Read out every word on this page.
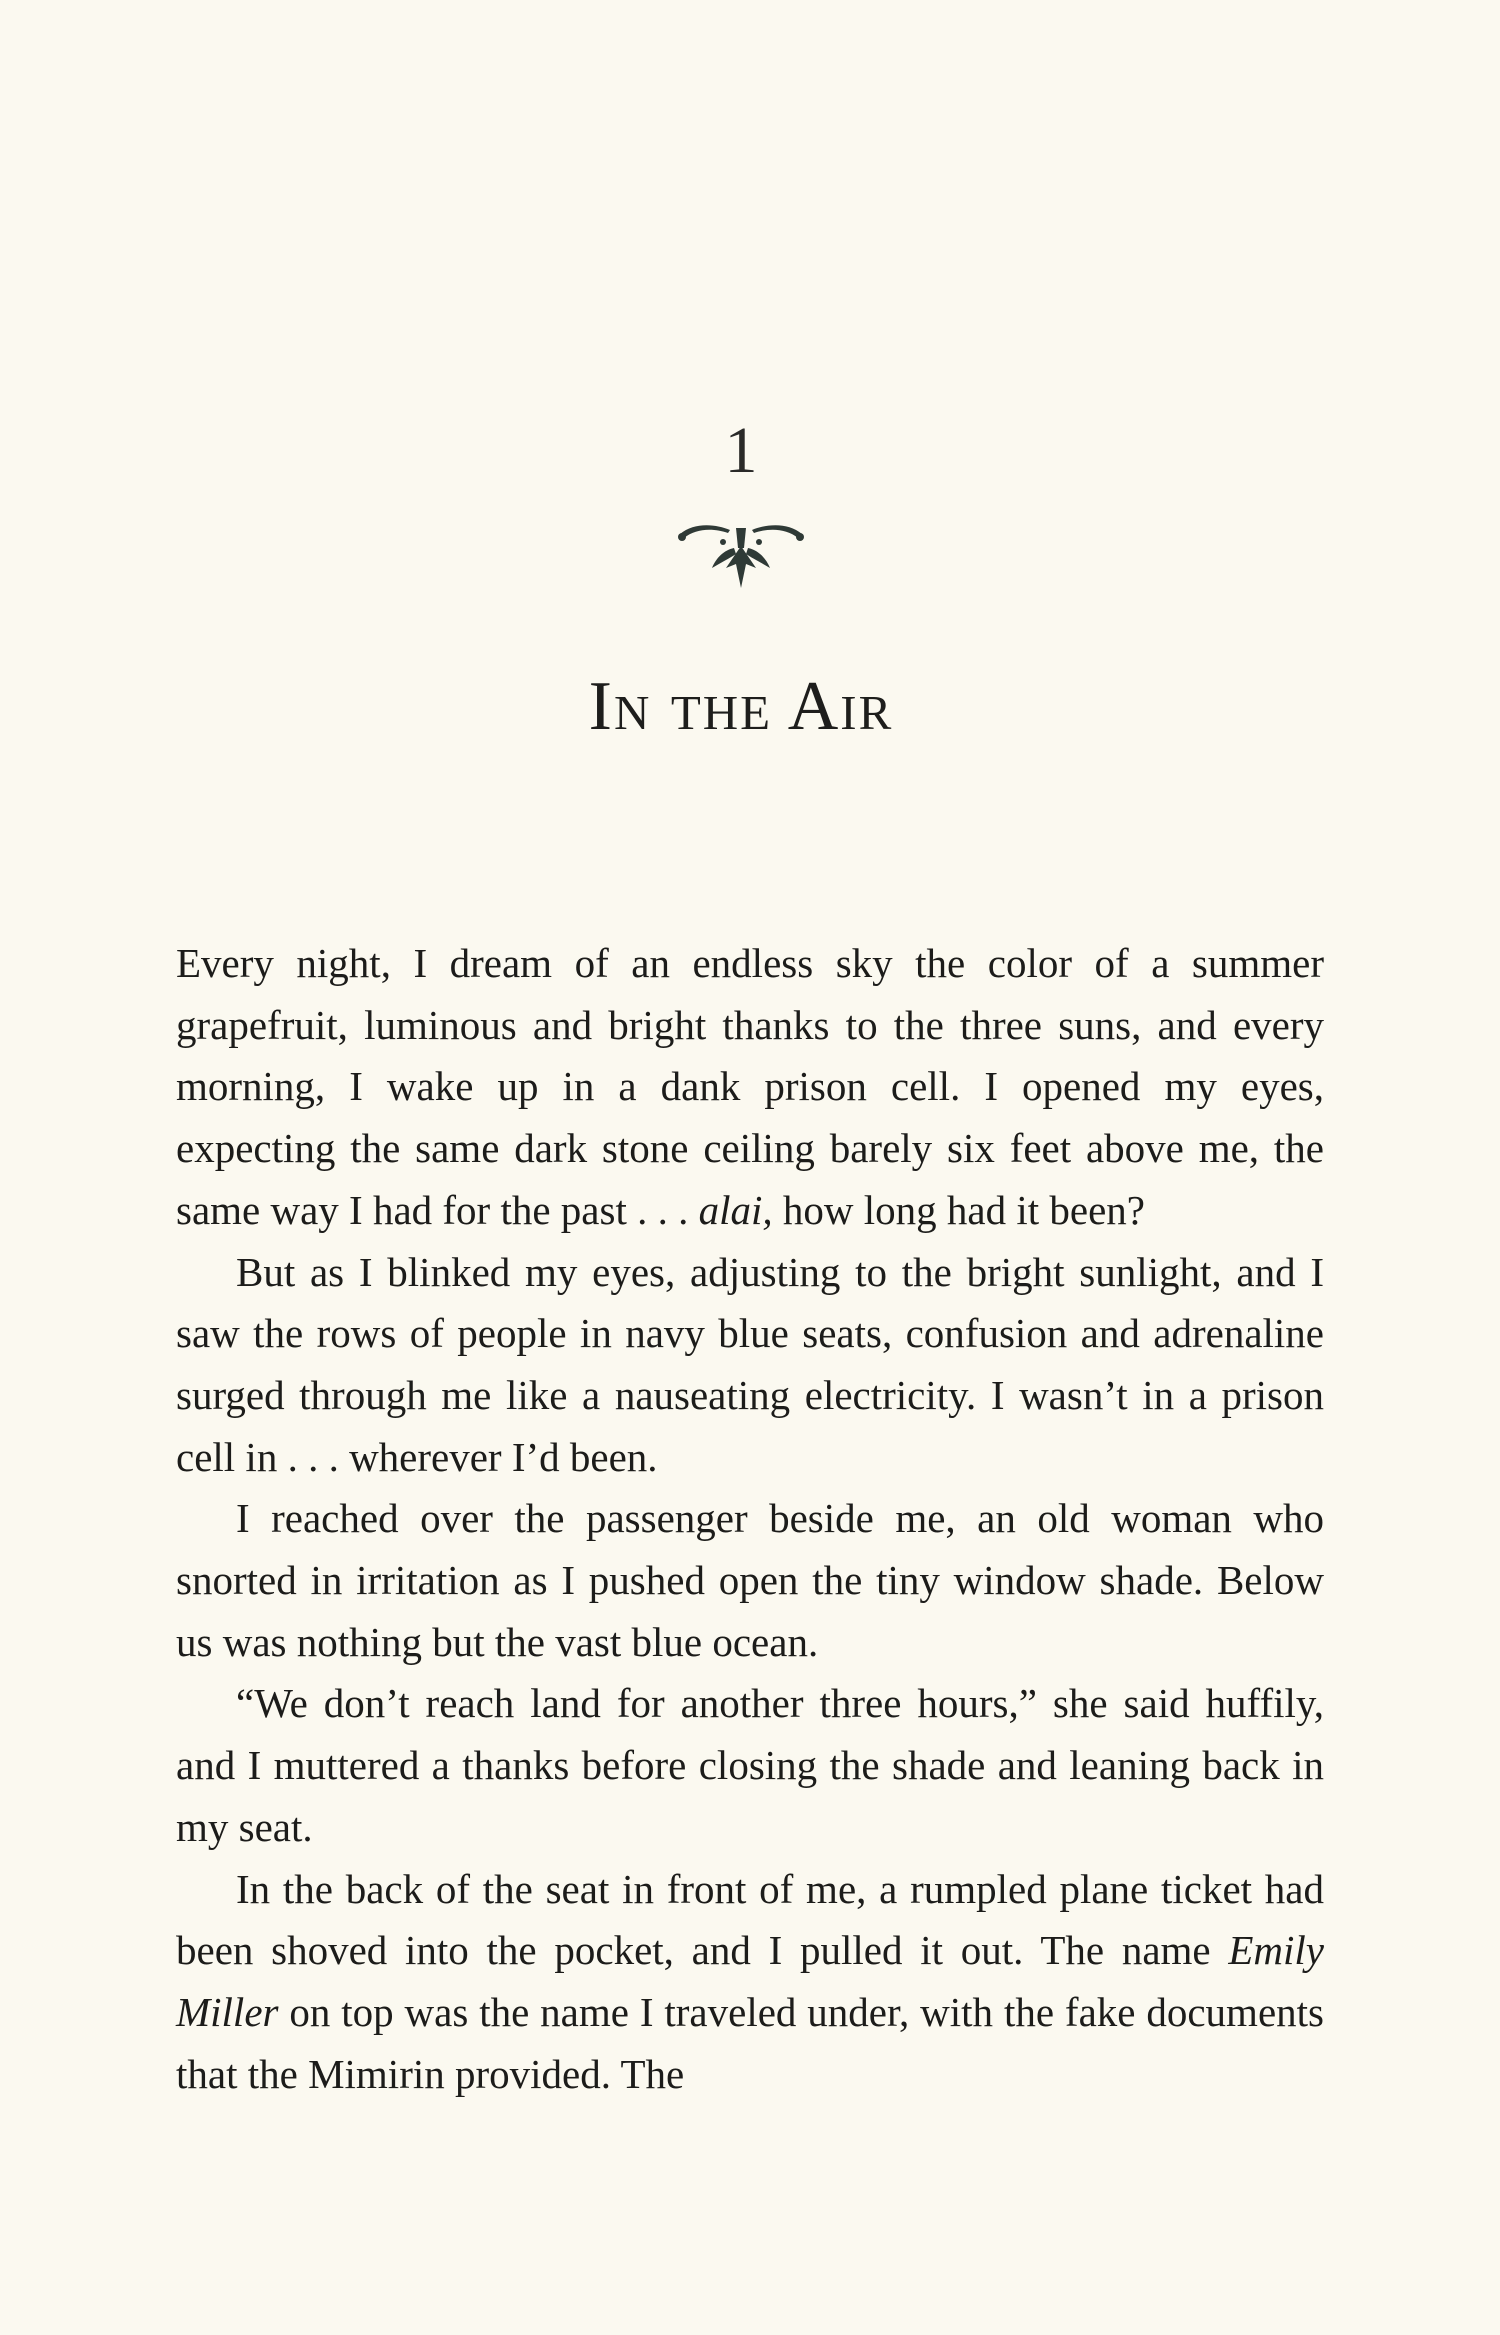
1
In the Air

Every night, I dream of an endless sky the color of a summer grapefruit, luminous and bright thanks to the three suns, and every morning, I wake up in a dank prison cell. I opened my eyes, expecting the same dark stone ceiling barely six feet above me, the same way I had for the past . . . alai, how long had it been?

But as I blinked my eyes, adjusting to the bright sunlight, and I saw the rows of people in navy blue seats, confusion and adrenaline surged through me like a nauseating electricity. I wasn’t in a prison cell in . . . wherever I’d been.

I reached over the passenger beside me, an old woman who snorted in irritation as I pushed open the tiny window shade. Below us was nothing but the vast blue ocean.

“We don’t reach land for another three hours,” she said huffily, and I muttered a thanks before closing the shade and leaning back in my seat.

In the back of the seat in front of me, a rumpled plane ticket had been shoved into the pocket, and I pulled it out. The name Emily Miller on top was the name I traveled under, with the fake documents that the Mimirin provided. The
